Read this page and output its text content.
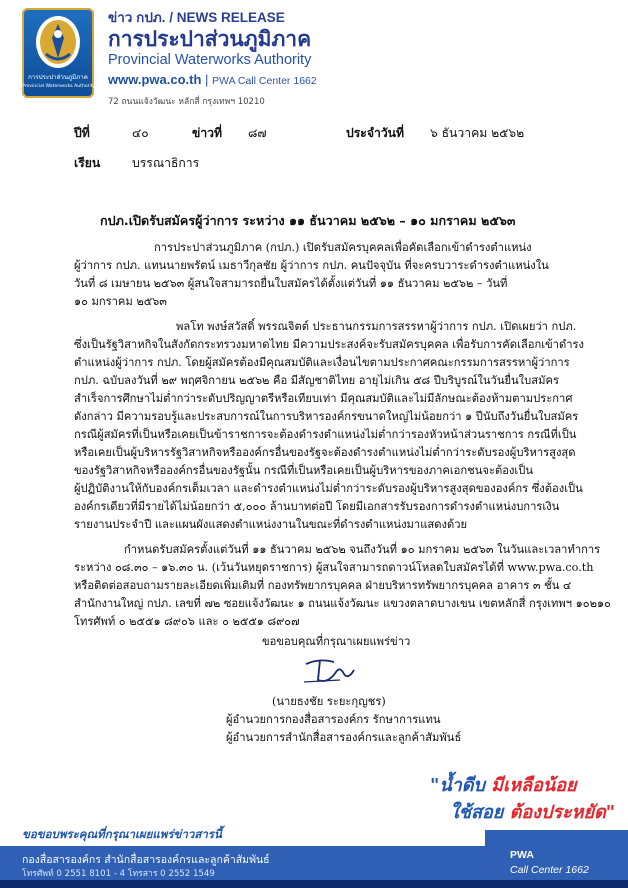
การประปาส่วนภูมิภาค
Provincial Waterworks Authority
ข่าว กปภ. / NEWS RELEASE
การประปาส่วนภูมิภาค
Provincial Waterworks Authority
www.pwa.co.th | PWA Call Center 1662
72 ถนนแจ้งวัฒนะ หลักสี่ กรุงเทพฯ 10210
ปีที่	๔๐	ข่าวที่ ๘๗	ประจำวันที่ ๖ ธันวาคม ๒๕๖๒
เรียน	บรรณาธิการ
กปภ.เปิดรับสมัครผู้ว่าการ ระหว่าง ๑๑ ธันวาคม ๒๕๖๒ – ๑๐ มกราคม ๒๕๖๓
การประปาส่วนภูมิภาค (กปภ.) เปิดรับสมัครบุคคลเพื่อคัดเลือกเข้าดำรงตำแหน่ง
ผู้ว่าการ กปภ. แทนนายพรัตน์ เมธาวีกุลชัย ผู้ว่าการ กปภ. คนปัจจุบัน ที่จะครบวาระดำรงตำแหน่งใน
วันที่ ๘ เมษายน ๒๕๖๓ ผู้สนใจสามารถยื่นใบสมัครได้ตั้งแต่วันที่ ๑๑ ธันวาคม ๒๕๖๒ – วันที่
๑๐ มกราคม ๒๕๖๓
พลโท พงษ์สวัสดิ์ พรรณจิตต์ ประธานกรรมการสรรหาผู้ว่าการ กปภ. เปิดเผยว่า กปภ.
ซึ่งเป็นรัฐวิสาหกิจในสังกัดกระทรวงมหาดไทย มีความประสงค์จะรับสมัครบุคคล เพื่อรับการคัดเลือกเข้าดำรง
ตำแหน่งผู้ว่าการ กปภ. โดยผู้สมัครต้องมีคุณสมบัติและเงื่อนไขตามประกาศคณะกรรมการสรรหาผู้ว่าการ
กปภ. ฉบับลงวันที่ ๒๙ พฤศจิกายน ๒๕๖๒ คือ มีสัญชาติไทย อายุไม่เกิน ๕๘ ปีบริบูรณ์ในวันยื่นใบสมัคร
สำเร็จการศึกษาไม่ต่ำกว่าระดับปริญญาตรีหรือเทียบเท่า มีคุณสมบัติและไม่มีลักษณะต้องห้ามตามประกาศ
ดังกล่าว มีความรอบรู้และประสบการณ์ในการบริหารองค์กรขนาดใหญ่ไม่น้อยกว่า ๑ ปีนับถึงวันยื่นใบสมัคร
กรณีผู้สมัครที่เป็นหรือเคยเป็นข้าราชการจะต้องดำรงตำแหน่งไม่ต่ำกว่ารองหัวหน้าส่วนราชการ กรณีที่เป็น
หรือเคยเป็นผู้บริหารรัฐวิสาหกิจหรือองค์กรอื่นของรัฐจะต้องดำรงตำแหน่งไม่ต่ำกว่าระดับรองผู้บริหารสูงสุด
ของรัฐวิสาหกิจหรือองค์กรอื่นของรัฐนั้น กรณีที่เป็นหรือเคยเป็นผู้บริหารของภาคเอกชนจะต้องเป็น
ผู้ปฏิบัติงานให้กับองค์กรเต็มเวลา และดำรงตำแหน่งไม่ต่ำกว่าระดับรองผู้บริหารสูงสุดขององค์กร ซึ่งต้องเป็น
องค์กรเดียวที่มีรายได้ไม่น้อยกว่า ๕,๐๐๐ ล้านบาทต่อปี โดยมีเอกสารรับรองการดำรงตำแหน่งบการเงิน
รายงานประจำปี และแผนผังแสดงตำแหน่งงานในขณะที่ดำรงตำแหน่งมาแสดงด้วย
กำหนดรับสมัครตั้งแต่วันที่ ๑๑ ธันวาคม ๒๕๖๒ จนถึงวันที่ ๑๐ มกราคม ๒๕๖๓ ในวันและเวลาทำการ
ระหว่าง ๐๘.๓๐ – ๑๖.๓๐ น. (เว้นวันหยุดราชการ) ผู้สนใจสามารถดาวน์โหลดใบสมัครได้ที่ www.pwa.co.th
หรือติดต่อสอบถามรายละเอียดเพิ่มเติมที่ กองทรัพยากรบุคคล ฝ่ายบริหารทรัพยากรบุคคล อาคาร ๓ ชั้น ๔
สำนักงานใหญ่ กปภ. เลขที่ ๗๒ ซอยแจ้งวัฒนะ ๑ ถนนแจ้งวัฒนะ แขวงตลาดบางเขน เขตหลักสี่ กรุงเทพฯ ๑๐๒๑๐
โทรศัพท์ ๐ ๒๕๕๑ ๘๙๐๖ และ ๐ ๒๕๕๑ ๘๙๐๗
ขอขอบคุณที่กรุณาเผยแพร่ข่าว
(นายธงชัย ระยะกุญชร)
ผู้อำนวยการกองสื่อสารองค์กร รักษาการแทน
ผู้อำนวยการสำนักสื่อสารองค์กรและลูกค้าสัมพันธ์
"น้ำดีบ มีเหลือน้อย
ใช้สอย ต้องประหยัด"
ขอขอบพระคุณที่กรุณาเผยแพร่ข่าวสารนี้
กองสื่อสารองค์กร สำนักสื่อสารองค์กรและลูกค้าสัมพันธ์
โทรศัพท์ 0 2551 8101 - 4 โทรสาร 0 2552 1549
PWA
Call Center 1662
